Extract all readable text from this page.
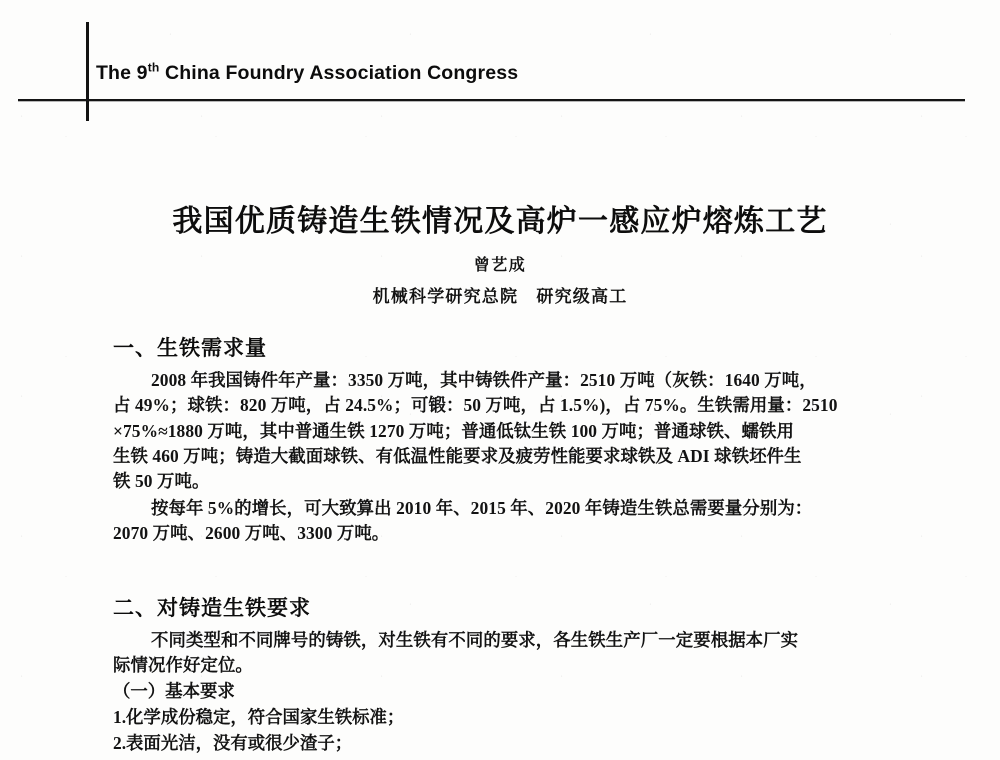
The 9th China Foundry Association Congress
我国优质铸造生铁情况及高炉一感应炉熔炼工艺
曾艺成
机械科学研究总院　研究级高工
一、生铁需求量
2008 年我国铸件年产量：3350 万吨，其中铸铁件产量：2510 万吨（灰铁：1640 万吨，
占 49%；球铁：820 万吨，占 24.5%；可锻：50 万吨，占 1.5%)，占 75%。生铁需用量：2510
×75%≈1880 万吨，其中普通生铁 1270 万吨；普通低钛生铁 100 万吨；普通球铁、蠕铁用
生铁 460 万吨；铸造大截面球铁、有低温性能要求及疲劳性能要求球铁及 ADI 球铁坯件生
铁 50 万吨。
按每年 5%的增长，可大致算出 2010 年、2015 年、2020 年铸造生铁总需要量分别为：
2070 万吨、2600 万吨、3300 万吨。
二、对铸造生铁要求
不同类型和不同牌号的铸铁，对生铁有不同的要求，各生铁生产厂一定要根据本厂实
际情况作好定位。
（一）基本要求
1.化学成份稳定，符合国家生铁标准；
2.表面光洁，没有或很少渣子；
